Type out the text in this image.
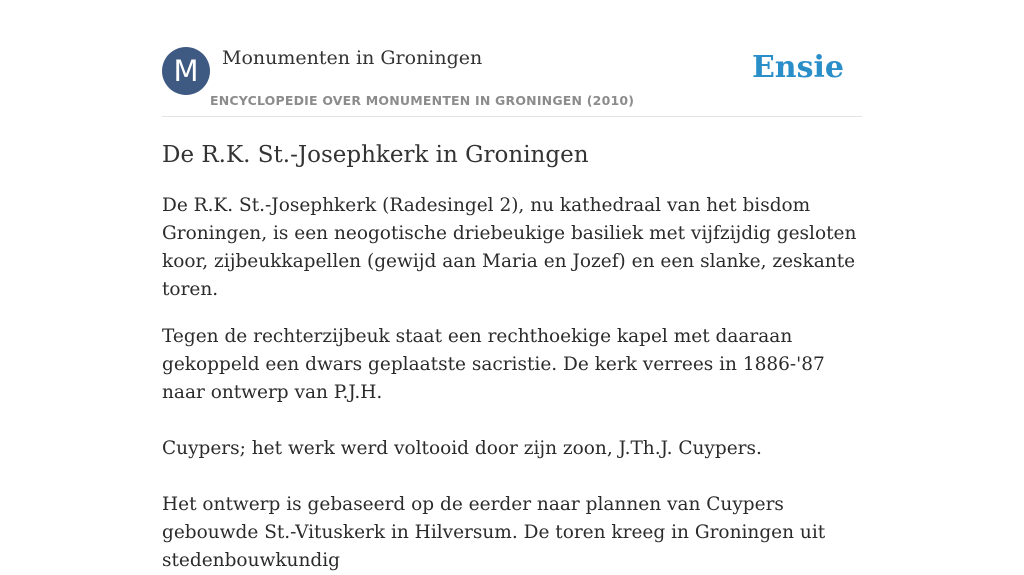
M	Monumenten in Groningen
ENCYCLOPEDIE OVER MONUMENTEN IN GRONINGEN (2010)
Ensie
De R.K. St.-Josephkerk in Groningen

De R.K. St.-Josephkerk (Radesingel 2), nu kathedraal van het bisdom Groningen, is een neogotische driebeukige basiliek met vijfzijdig gesloten koor, zijbeukkapellen (gewijd aan Maria en Jozef) en een slanke, zeskante toren.

Tegen de rechterzijbeuk staat een rechthoekige kapel met daaraan gekoppeld een dwars geplaatste sacristie. De kerk verrees in 1886-'87 naar ontwerp van P.J.H.

Cuypers; het werk werd voltooid door zijn zoon, J.Th.J. Cuypers.

Het ontwerp is gebaseerd op de eerder naar plannen van Cuypers gebouwde St.-Vituskerk in Hilversum. De toren kreeg in Groningen uit stedenbouwkundig
